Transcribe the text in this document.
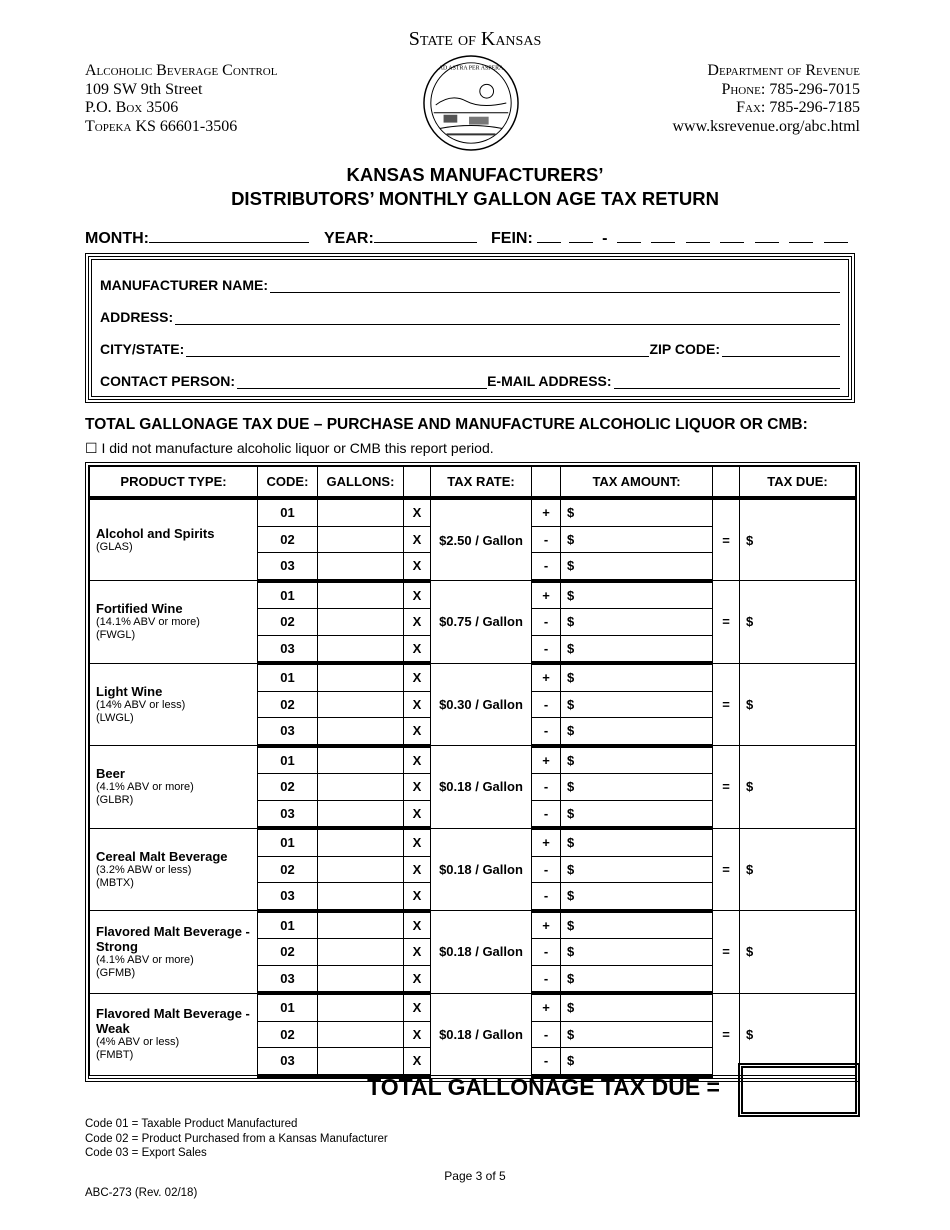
State of Kansas
Alcoholic Beverage Control
109 SW 9th Street
P.O. Box 3506
Topeka KS 66601-3506
AD ASTRA PER ASPERA	Department of Revenue
Phone: 785-296-7015
Fax: 785-296-7185
www.ksrevenue.org/abc.html
KANSAS MANUFACTURERS’
DISTRIBUTORS’ MONTHLY GALLON AGE TAX RETURN
MONTH:	YEAR:	FEIN:	-
MANUFACTURER NAME:
ADDRESS:
CITY/STATE:	ZIP CODE:
CONTACT PERSON:	E-MAIL ADDRESS:
TOTAL GALLONAGE TAX DUE – PURCHASE AND MANUFACTURE ALCOHOLIC LIQUOR OR CMB:
☐ I did not manufacture alcoholic liquor or CMB this report period.
PRODUCT TYPE:	CODE:	GALLONS:		TAX RATE:		TAX AMOUNT:		TAX DUE:

Alcohol and Spirits
(GLAS)	01		X	$2.50 / Gallon	+	$	=	$
	02		X		-	$		
	03		X		-	$		

Fortified Wine
(14.1% ABV or more)
(FWGL)	01		X	$0.75 / Gallon	+	$	=	$
	02		X		-	$		
	03		X		-	$		

Light Wine
(14% ABV or less)
(LWGL)	01		X	$0.30 / Gallon	+	$	=	$
	02		X		-	$		
	03		X		-	$		

Beer
(4.1% ABV or more)
(GLBR)	01		X	$0.18 / Gallon	+	$	=	$
	02		X		-	$		
	03		X		-	$		

Cereal Malt Beverage
(3.2% ABW or less)
(MBTX)	01		X	$0.18 / Gallon	+	$	=	$
	02		X		-	$		
	03		X		-	$		

Flavored Malt Beverage - Strong
(4.1% ABV or more)
(GFMB)	01		X	$0.18 / Gallon	+	$	=	$
	02		X		-	$		
	03		X		-	$		

Flavored Malt Beverage - Weak
(4% ABV or less)
(FMBT)	01		X	$0.18 / Gallon	+	$	=	$
	02		X		-	$		
	03		X		-	$		
TOTAL GALLONAGE TAX DUE =
Code 01 = Taxable Product Manufactured
Code 02 = Product Purchased from a Kansas Manufacturer
Code 03 = Export Sales
Page 3 of 5
ABC-273 (Rev. 02/18)
